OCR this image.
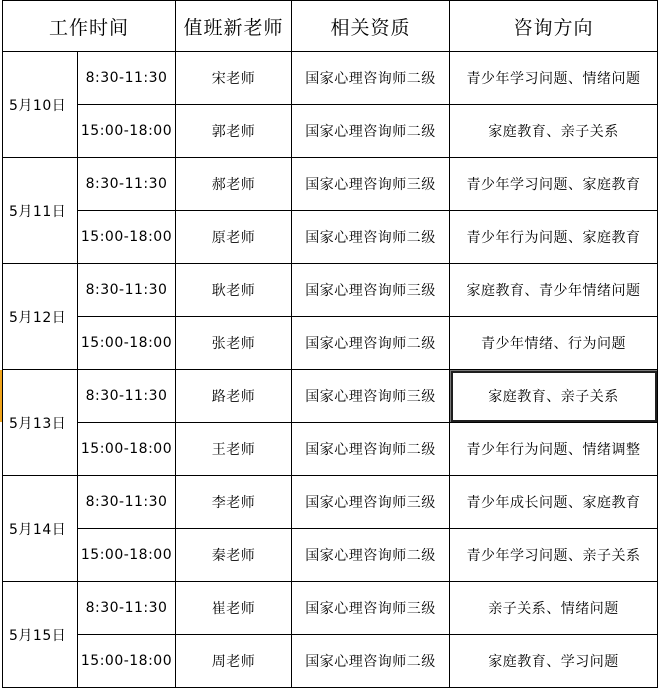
工作时间		值班新老师	相关资质	咨询方向
5月10日	8:30-11:30	宋老师	国家心理咨询师二级	青少年学习问题、情绪问题
	15:00-18:00	郭老师	国家心理咨询师二级	家庭教育、亲子关系
5月11日	8:30-11:30	郝老师	国家心理咨询师三级	青少年学习问题、家庭教育
	15:00-18:00	原老师	国家心理咨询师二级	青少年行为问题、家庭教育
5月12日	8:30-11:30	耿老师	国家心理咨询师三级	家庭教育、青少年情绪问题
	15:00-18:00	张老师	国家心理咨询师二级	青少年情绪、行为问题
5月13日	8:30-11:30	路老师	国家心理咨询师三级	家庭教育、亲子关系
	15:00-18:00	王老师	国家心理咨询师二级	青少年行为问题、情绪调整
5月14日	8:30-11:30	李老师	国家心理咨询师三级	青少年成长问题、家庭教育
	15:00-18:00	秦老师	国家心理咨询师二级	青少年学习问题、亲子关系
5月15日	8:30-11:30	崔老师	国家心理咨询师三级	亲子关系、情绪问题
	15:00-18:00	周老师	国家心理咨询师二级	家庭教育、学习问题
